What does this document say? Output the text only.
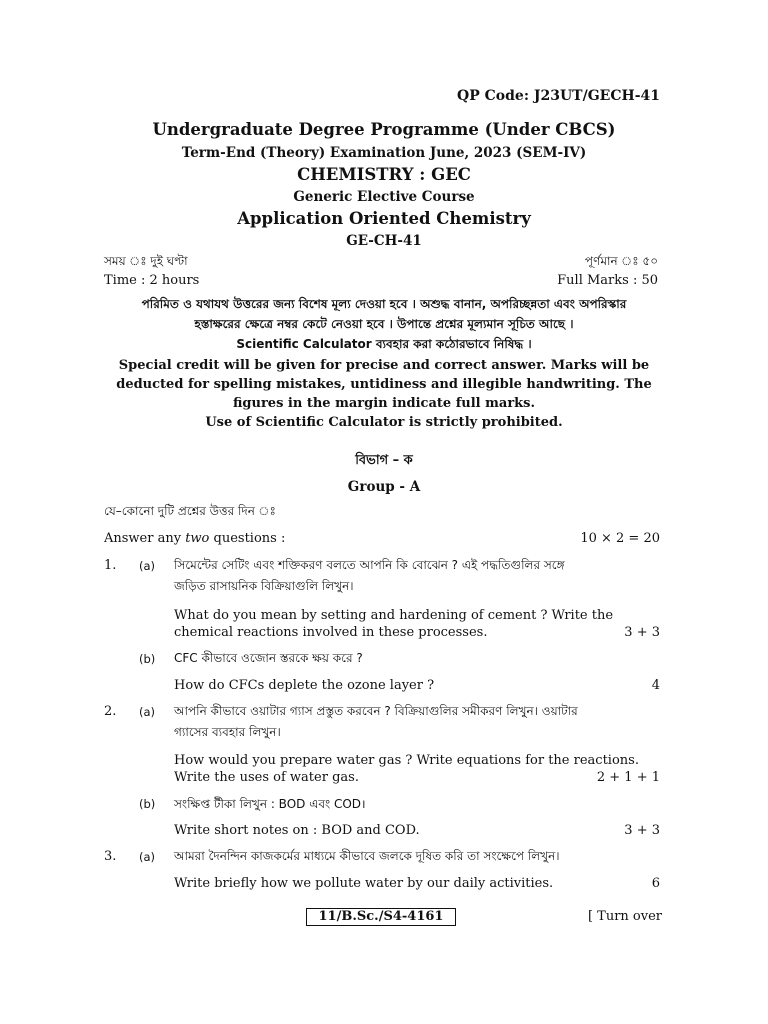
QP Code: J23UT/GECH-41
Undergraduate Degree Programme (Under CBCS)
Term-End (Theory) Examination June, 2023 (SEM-IV)
CHEMISTRY : GEC
Generic Elective Course
Application Oriented Chemistry
GE-CH-41
সময় ঃ দুই ঘণ্টা	পূর্ণমান ঃ ৫০
Time : 2 hours	Full Marks : 50
পরিমিত ও যথাযথ উত্তরের জন্য বিশেষ মূল্য দেওয়া হবে । অশুদ্ধ বানান, অপরিচ্ছন্নতা এবং অপরিস্কার
হস্তাক্ষরের ক্ষেত্রে নম্বর কেটে নেওয়া হবে । উপান্তে প্রশ্নের মূল্যমান সূচিত আছে ।
Scientific Calculator ব্যবহার করা কঠোরভাবে নিষিদ্ধ ।
Special credit will be given for precise and correct answer. Marks will be
deducted for spelling mistakes, untidiness and illegible handwriting. The
figures in the margin indicate full marks.
Use of Scientific Calculator is strictly prohibited.
বিভাগ – ক
Group - A
যে–কোনো দুটি প্রশ্নের উত্তর দিন ঃ
Answer any two questions :	10 × 2 = 20
1. (a) সিমেন্টের সেটিং এবং শক্তিকরণ বলতে আপনি কি বোঝেন ? এই পদ্ধতিগুলির সঙ্গে
জড়িত রাসায়নিক বিক্রিয়াগুলি লিখুন।
What do you mean by setting and hardening of cement ? Write the
chemical reactions involved in these processes.	3 + 3
(b) CFC কীভাবে ওজোন স্তরকে ক্ষয় করে ?
How do CFCs deplete the ozone layer ?	4
2. (a) আপনি কীভাবে ওয়াটার গ্যাস প্রস্তুত করবেন ? বিক্রিয়াগুলির সমীকরণ লিখুন। ওয়াটার
গ্যাসের ব্যবহার লিখুন।
How would you prepare water gas ? Write equations for the reactions.
Write the uses of water gas.	2 + 1 + 1
(b) সংক্ষিপ্ত টীকা লিখুন : BOD এবং COD।
Write short notes on : BOD and COD.	3 + 3
3. (a) আমরা দৈনন্দিন কাজকর্মের মাধ্যমে কীভাবে জলকে দূষিত করি তা সংক্ষেপে লিখুন।
Write briefly how we pollute water by our daily activities.	6
11/B.Sc./S4-4161	[ Turn over
